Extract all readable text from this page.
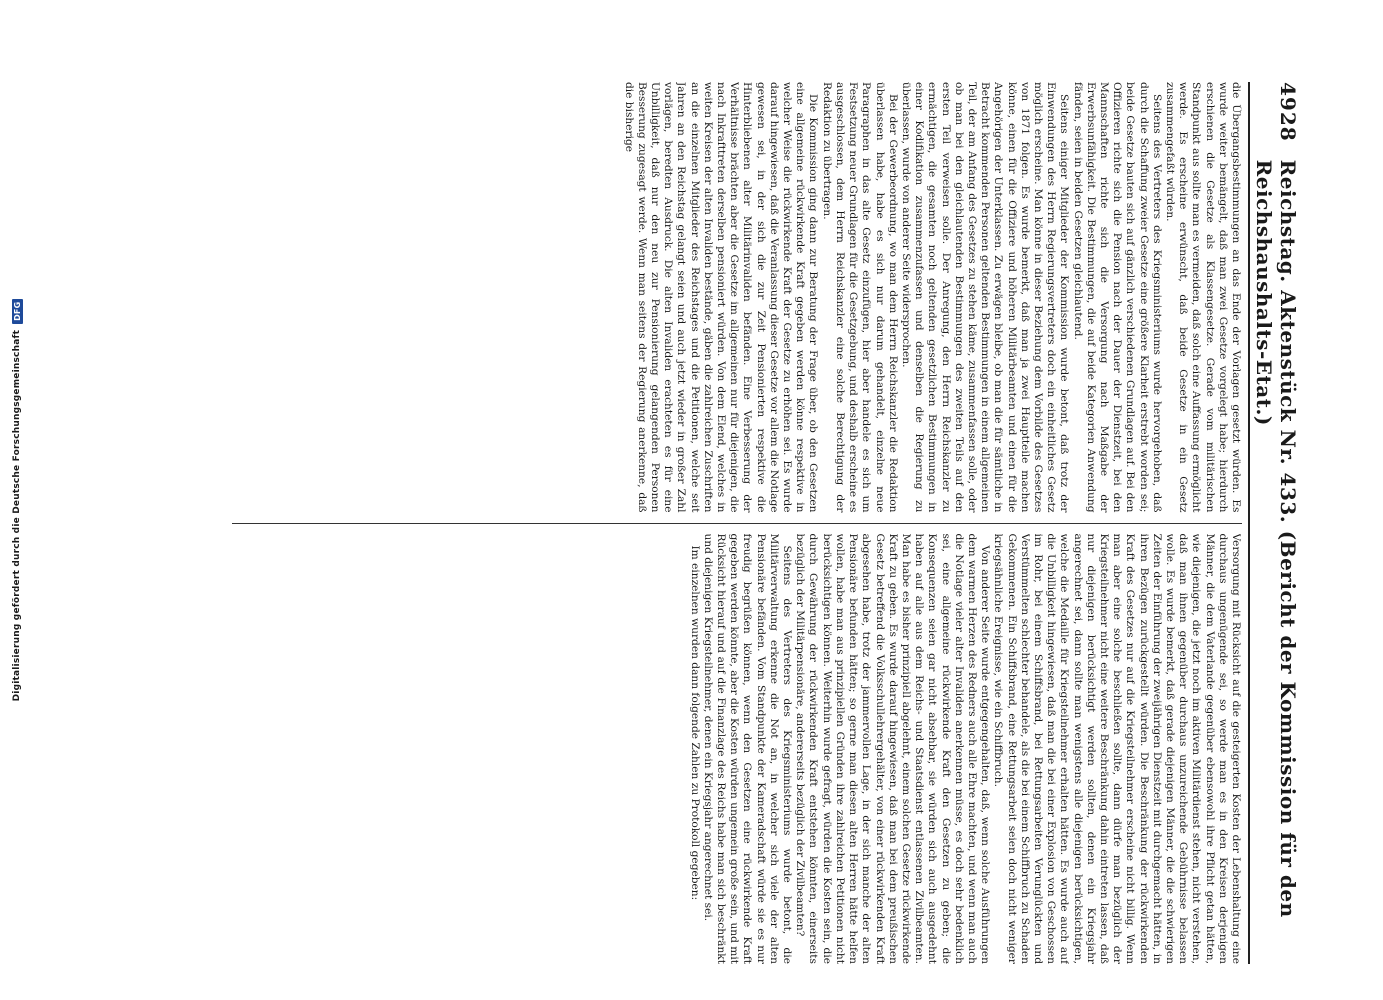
Digitalisierung gefördert durch die Deutsche Forschungsgemeinschaft
DFG
4928
Reichstag. Aktenstück Nr. 433. (Bericht der Kommission für den Reichshaushalts-Etat.)

die Übergangsbestimmungen an das Ende der Vorlagen gesetzt würden. Es wurde weiter bemängelt, daß man zwei Gesetze vorgelegt habe; hierdurch erschienen die Gesetze als Klassengesetze. Gerade vom militärischen Standpunkt aus sollte man es vermeiden, daß solch eine Auffassung ermöglicht werde. Es erscheine erwünscht, daß beide Gesetze in ein Gesetz zusammengefaßt würden.

Seitens des Vertreters des Kriegsministeriums wurde hervorgehoben, daß durch die Schaffung zweier Gesetze eine größere Klarheit erstrebt worden sei; beide Gesetze bauten sich auf gänzlich verschiedenen Grundlagen auf. Bei den Offizieren richte sich die Pension nach der Dauer der Dienstzeit, bei den Mannschaften richte sich die Versorgung nach Maßgabe der Erwerbsunfähigkeit. Die Bestimmungen, die auf beide Kategorien Anwendung fänden, seien in beiden Gesetzen gleichlautend.

Seitens einiger Mitglieder der Kommission wurde betont, daß trotz der Einwendungen des Herrn Regierungsvertreters doch ein einheitliches Gesetz möglich erscheine. Man könne in dieser Beziehung dem Vorbilde des Gesetzes von 1871 folgen. Es wurde bemerkt, daß man ja zwei Hauptteile machen könne, einen für die Offiziere und höheren Militärbeamten und einen für die Angehörigen der Unterklassen. Zu erwägen bleibe, ob man die für sämtliche in Betracht kommenden Personen geltenden Bestimmungen in einem allgemeinen Teil, der am Anfang des Gesetzes zu stehen käme, zusammenfassen solle, oder ob man bei den gleichlautenden Bestimmungen des zweiten Teils auf den ersten Teil verweisen solle. Der Anregung, den Herrn Reichskanzler zu ermächtigen, die gesamten noch geltenden gesetzlichen Bestimmungen in einer Kodifikation zusammenzufassen und denselben die Regierung zu überlassen, wurde von anderer Seite widersprochen.

Bei der Gewerbeordnung, wo man dem Herrn Reichskanzler die Redaktion überlassen habe, habe es sich nur darum gehandelt, einzelne neue Paragraphen in das alte Gesetz einzufügen, hier aber handele es sich um Festsetzung neuer Grundlagen für die Gesetzgebung, und deshalb erscheine es ausgeschlossen, dem Herrn Reichskanzler eine solche Berechtigung der Redaktion zu übertragen.

Die Kommission ging dann zur Beratung der Frage über, ob den Gesetzen eine allgemeine rückwirkende Kraft gegeben werden könne respektive in welcher Weise die rückwirkende Kraft der Gesetze zu erhöhen sei. Es wurde darauf hingewiesen, daß die Veranlassung dieser Gesetze vor allem die Notlage gewesen sei, in der sich die zur Zeit Pensionierten respektive die Hinterbliebenen alter Militärinvaliden befänden. Eine Verbesserung der Verhältnisse brächten aber die Gesetze im allgemeinen nur für diejenigen, die nach Inkrafttreten derselben pensioniert würden. Von dem Elend, welches in weiten Kreisen der alten Invaliden bestände, gäben die zahlreichen Zuschriften an die einzelnen Mitglieder des Reichstages und die Petitionen, welche seit Jahren an den Reichstag gelangt seien und auch jetzt wieder in großer Zahl vorlägen, beredten Ausdruck. Die alten Invaliden erachteten es für eine Unbilligkeit, daß nur den neu zur Pensionierung gelangenden Personen Besserung zugesagt werde. Wenn man seitens der Regierung anerkenne, daß die bisherige

Versorgung mit Rücksicht auf die gesteigerten Kosten der Lebenshaltung eine durchaus ungenügende sei, so werde man es in den Kreisen derjenigen Männer, die dem Vaterlande gegenüber ebensowohl ihre Pflicht getan hätten, wie diejenigen, die jetzt noch im aktiven Militärdienst stehen, nicht verstehen, daß man ihnen gegenüber durchaus unzureichende Gebührnisse belassen wolle. Es wurde bemerkt, daß gerade diejenigen Männer, die die schwierigen Zeiten der Einführung der zweijährigen Dienstzeit mit durchgemacht hätten, in ihren Bezügen zurückgestellt würden. Die Beschränkung der rückwirkenden Kraft des Gesetzes nur auf die Kriegsteilnehmer erscheine nicht billig. Wenn man aber eine solche beschließen sollte, dann dürfe man bezüglich der Kriegsteilnehmer nicht eine weitere Beschränkung dahin eintreten lassen, daß nur diejenigen berücksichtigt werden sollten, denen ein Kriegsjahr angerechnet sei, dann sollte man wenigstens alle diejenigen berücksichtigen, welche die Medaille für Kriegsteilnehmer erhalten hätten. Es wurde auch auf die Unbilligkeit hingewiesen, daß man die bei einer Explosion von Geschossen im Rohr, bei einem Schiffsbrand, bei Rettungsarbeiten Verunglückten und Verstümmelten schlechter behandele, als die bei einem Schiffbruch zu Schaden Gekommenen. Ein Schiffsbrand, eine Rettungsarbeit seien doch nicht weniger kriegsähnliche Ereignisse, wie ein Schiffbruch.

Von anderer Seite wurde entgegengehalten, daß, wenn solche Ausführungen dem warmen Herzen des Redners auch alle Ehre machten, und wenn man auch die Notlage vieler alter Invaliden anerkennen müsse, es doch sehr bedenklich sei, eine allgemeine rückwirkende Kraft den Gesetzen zu geben; die Konsequenzen seien gar nicht absehbar, sie würden sich auch ausgedehnt haben auf alle aus dem Reichs- und Staatsdienst entlassenen Zivilbeamten. Man habe es bisher prinzipiell abgelehnt, einem solchen Gesetze rückwirkende Kraft zu geben. Es wurde darauf hingewiesen, daß man bei dem preußischen Gesetz betreffend die Volksschullehrergehälter, von einer rückwirkenden Kraft abgesehen habe, trotz der jammervollen Lage, in der sich manche der alten Pensionäre befunden hätten; so gerne man diesen alten Herren hätte helfen wollen, habe man aus prinzipiellen Gründen ihre zahlreichen Petitionen nicht berücksichtigen können. Weiterhin wurde gefragt, würden die Kosten sein, die durch Gewährung der rückwirkenden Kraft entstehen könnten, einerseits bezüglich der Militärpensionäre, andererseits bezüglich der Zivilbeamten?

Seitens des Vertreters des Kriegsministeriums wurde betont, die Militärverwaltung erkenne die Not an, in welcher sich viele der alten Pensionäre befänden. Vom Standpunkte der Kameradschaft würde sie es nur freudig begrüßen können, wenn den Gesetzen eine rückwirkende Kraft gegeben werden könnte, aber die Kosten würden ungemein große sein, und mit Rücksicht hierauf und auf die Finanzlage des Reichs habe man sich beschränkt und diejenigen Kriegsteilnehmer, denen ein Kriegsjahr angerechnet sei.

Im einzelnen wurden dann folgende Zahlen zu Protokoll gegeben:
